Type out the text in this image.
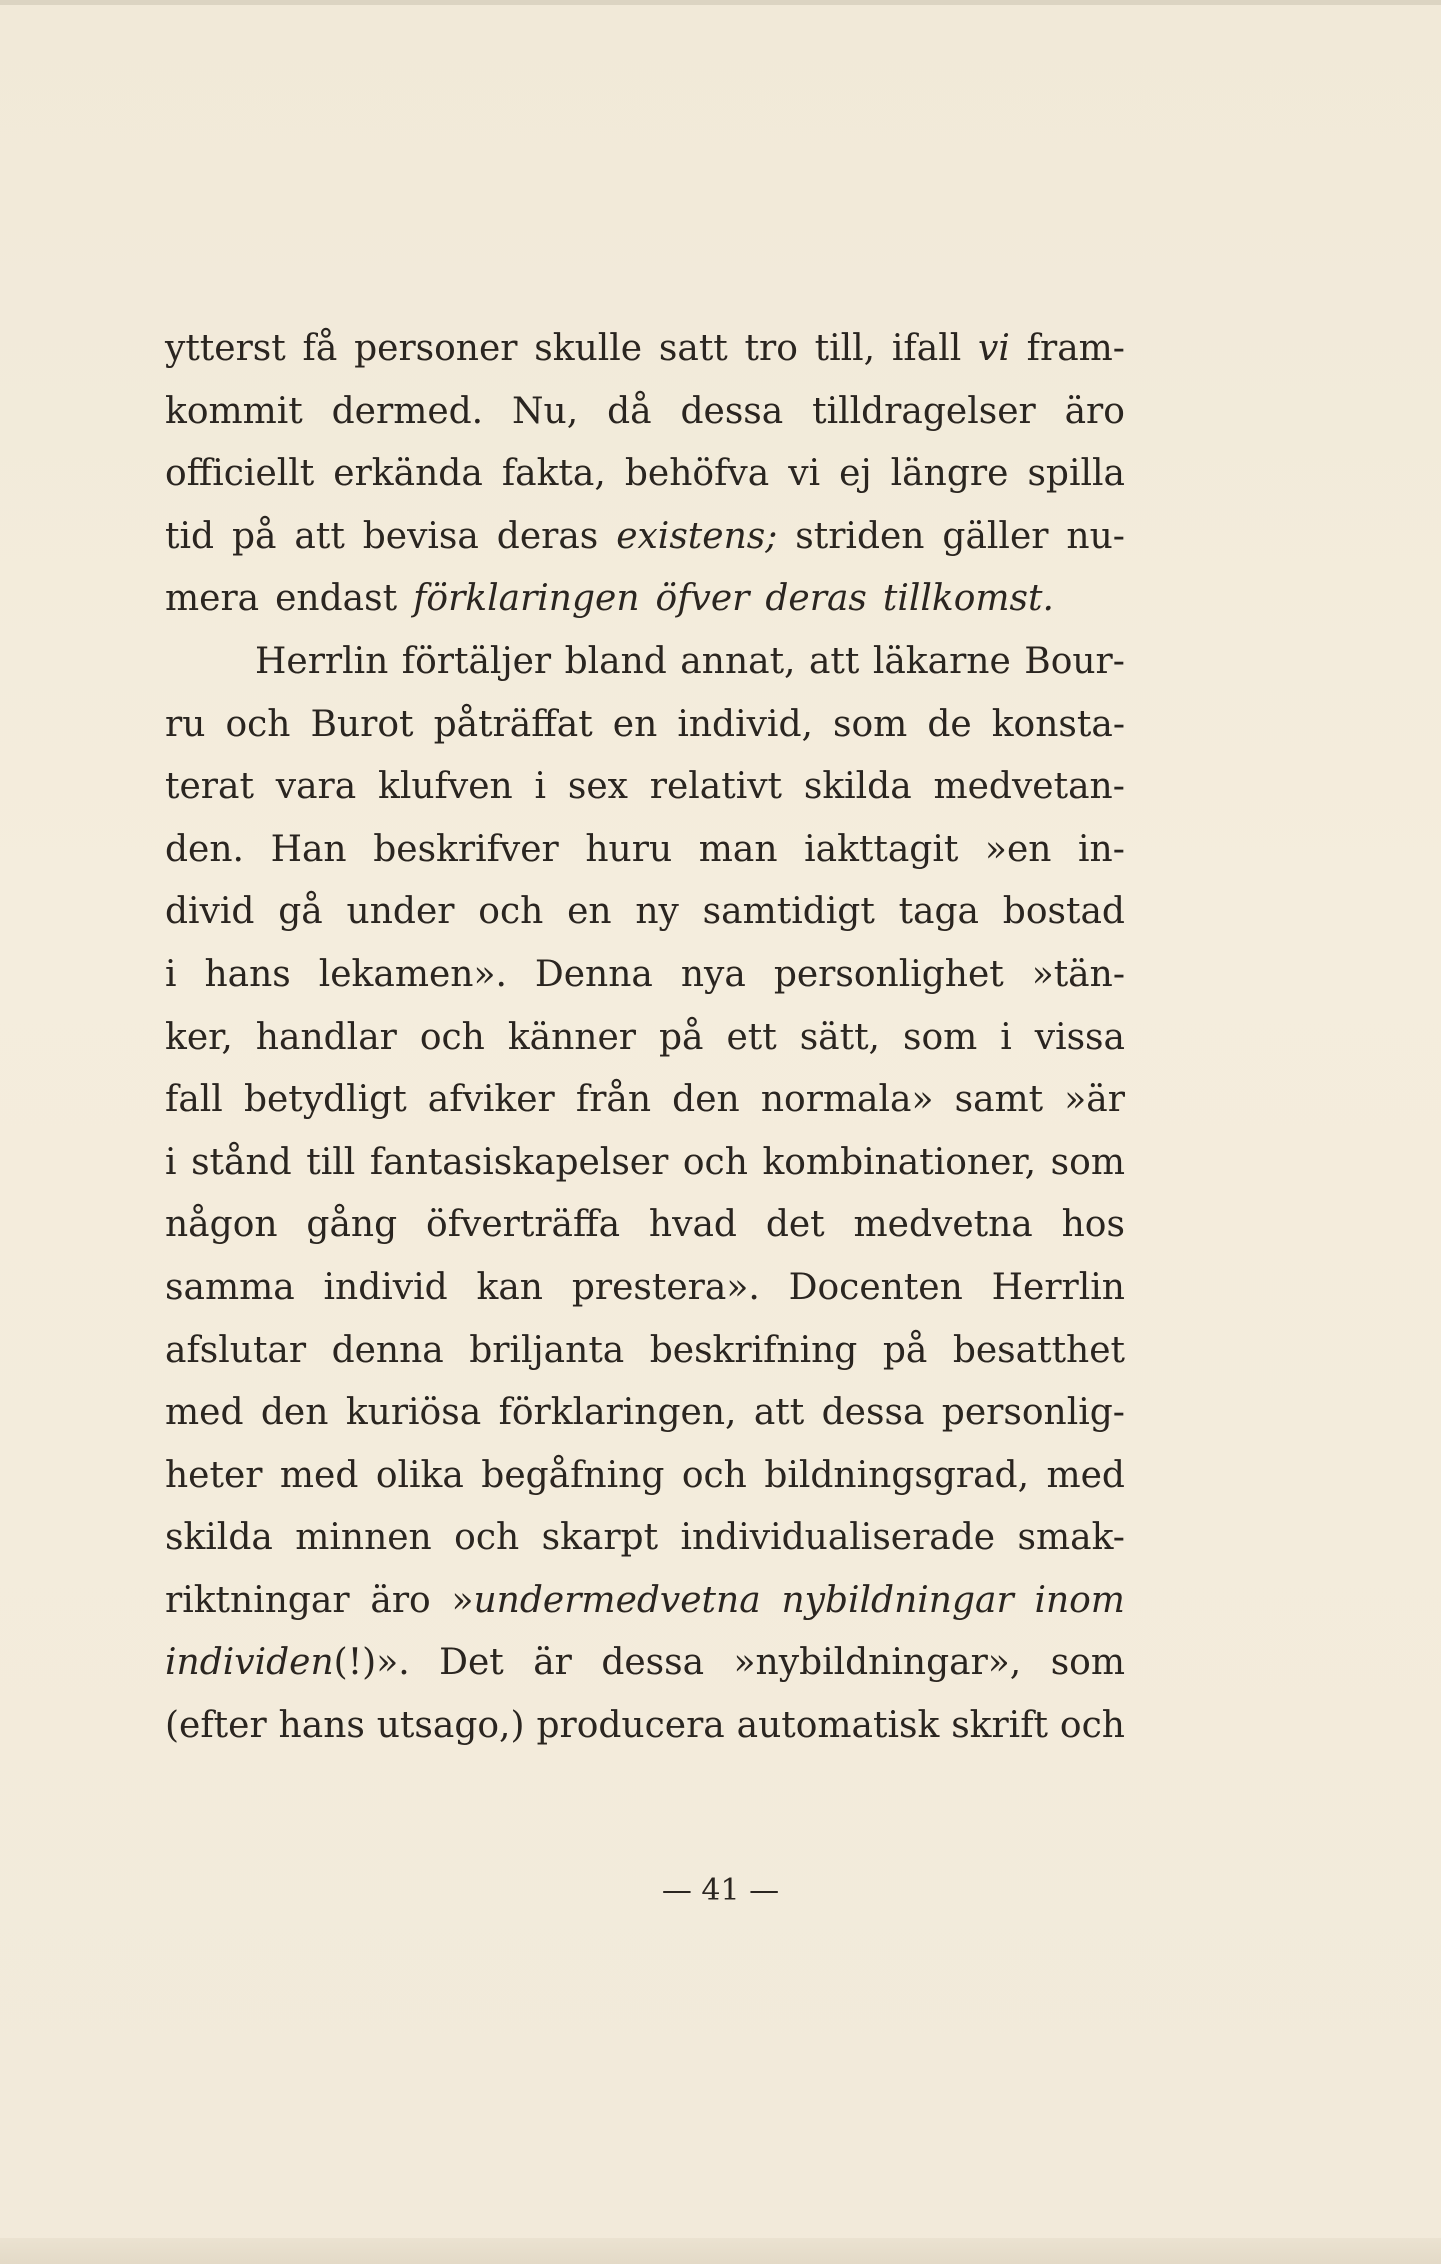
ytterst få personer skulle satt tro till, ifall vi fram-
kommit dermed. Nu, då dessa tilldragelser äro
officiellt erkända fakta, behöfva vi ej längre spilla
tid på att bevisa deras existens; striden gäller nu-
mera endast förklaringen öfver deras tillkomst.
Herrlin förtäljer bland annat, att läkarne Bour-
ru och Burot påträffat en individ, som de konsta-
terat vara klufven i sex relativt skilda medvetan-
den. Han beskrifver huru man iakttagit »en in-
divid gå under och en ny samtidigt taga bostad
i hans lekamen». Denna nya personlighet »tän-
ker, handlar och känner på ett sätt, som i vissa
fall betydligt afviker från den normala» samt »är
i stånd till fantasiskapelser och kombinationer, som
någon gång öfverträffa hvad det medvetna hos
samma individ kan prestera». Docenten Herrlin
afslutar denna briljanta beskrifning på besatthet
med den kuriösa förklaringen, att dessa personlig-
heter med olika begåfning och bildningsgrad, med
skilda minnen och skarpt individualiserade smak-
riktningar äro »undermedvetna nybildningar inom
individen(!)». Det är dessa »nybildningar», som
(efter hans utsago,) producera automatisk skrift och
— 41 —
